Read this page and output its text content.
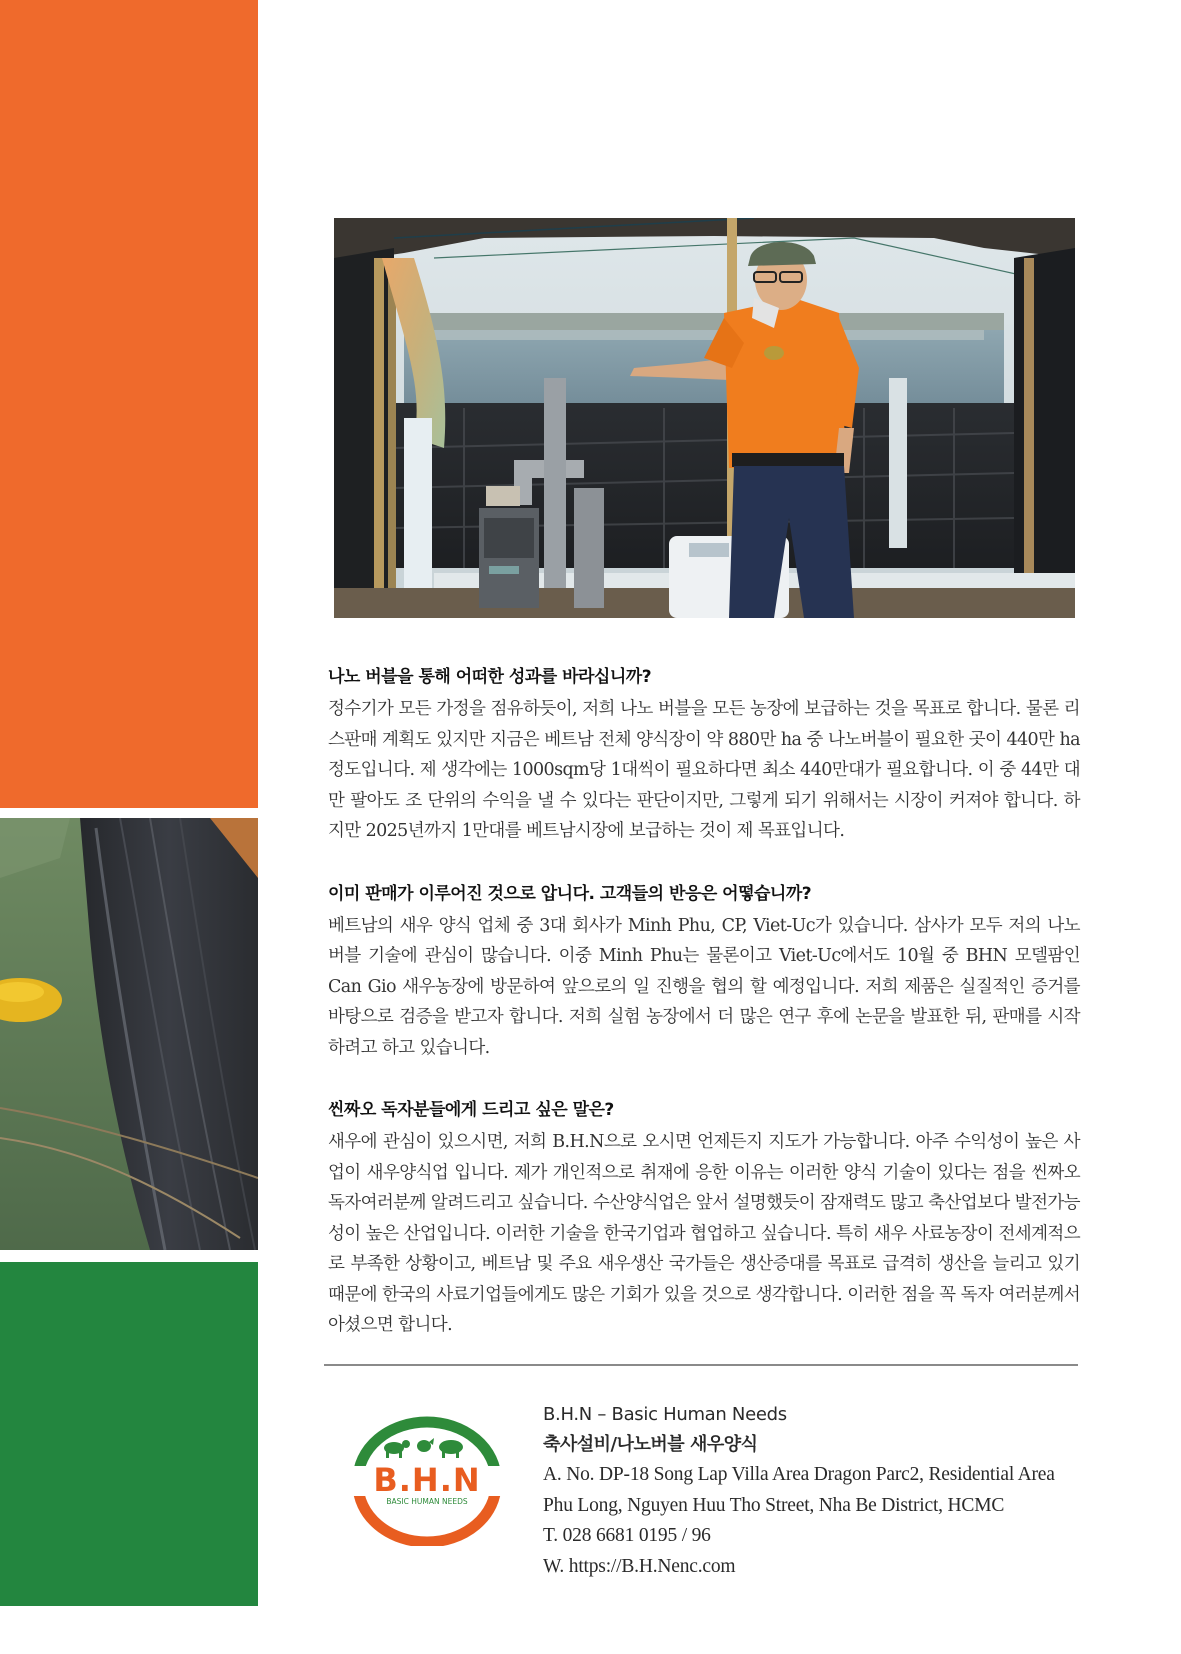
나노 버블을 통해 어떠한 성과를 바라십니까?

정수기가 모든 가정을 점유하듯이, 저희 나노 버블을 모든 농장에 보급하는 것을 목표로 합니다. 물론 리스판매 계획도 있지만 지금은 베트남 전체 양식장이 약 880만 ha 중 나노버블이 필요한 곳이 440만 ha 정도입니다. 제 생각에는 1000sqm당 1대씩이 필요하다면 최소 440만대가 필요합니다. 이 중 44만 대만 팔아도 조 단위의 수익을 낼 수 있다는 판단이지만, 그렇게 되기 위해서는 시장이 커져야 합니다. 하지만 2025년까지 1만대를 베트남시장에 보급하는 것이 제 목표입니다.

이미 판매가 이루어진 것으로 압니다. 고객들의 반응은 어떻습니까?

베트남의 새우 양식 업체 중 3대 회사가 Minh Phu, CP, Viet-Uc가 있습니다. 삼사가 모두 저의 나노 버블 기술에 관심이 많습니다. 이중 Minh Phu는 물론이고 Viet-Uc에서도 10월 중 BHN 모델팜인 Can Gio 새우농장에 방문하여 앞으로의 일 진행을 협의 할 예정입니다. 저희 제품은 실질적인 증거를 바탕으로 검증을 받고자 합니다. 저희 실험 농장에서 더 많은 연구 후에 논문을 발표한 뒤, 판매를 시작하려고 하고 있습니다.

씬짜오 독자분들에게 드리고 싶은 말은?

새우에 관심이 있으시면, 저희 B.H.N으로 오시면 언제든지 지도가 가능합니다. 아주 수익성이 높은 사업이 새우양식업 입니다. 제가 개인적으로 취재에 응한 이유는 이러한 양식 기술이 있다는 점을 씬짜오 독자여러분께 알려드리고 싶습니다. 수산양식업은 앞서 설명했듯이 잠재력도 많고 축산업보다 발전가능성이 높은 산업입니다. 이러한 기술을 한국기업과 협업하고 싶습니다. 특히 새우 사료농장이 전세계적으로 부족한 상황이고, 베트남 및 주요 새우생산 국가들은 생산증대를 목표로 급격히 생산을 늘리고 있기 때문에 한국의 사료기업들에게도 많은 기회가 있을 것으로 생각합니다. 이러한 점을 꼭 독자 여러분께서 아셨으면 합니다.

B.H.N
BASIC HUMAN NEEDS

B.H.N – Basic Human Needs

축사설비/나노버블 새우양식

A. No. DP-18 Song Lap Villa Area Dragon Parc2, Residential Area

Phu Long, Nguyen Huu Tho Street, Nha Be District, HCMC

T. 028 6681 0195 / 96

W. https://B.H.Nenc.com
